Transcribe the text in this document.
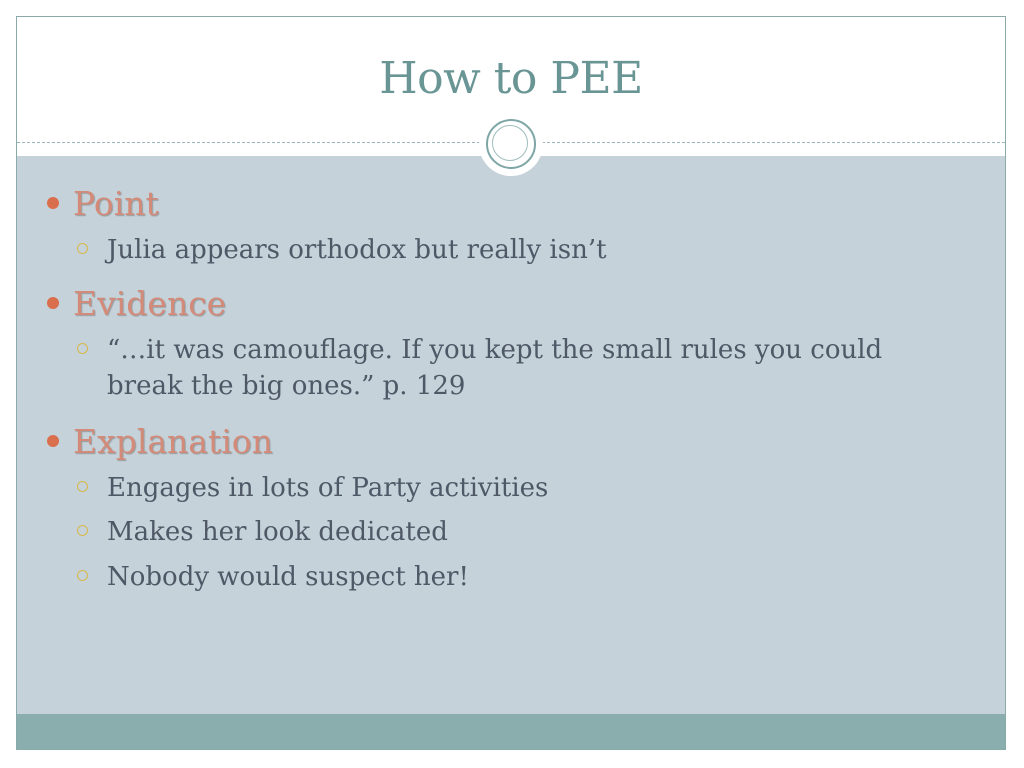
How to PEE
Point
Julia appears orthodox but really isn’t
Evidence
“…it was camouflage. If you kept the small rules you could break the big ones.” p. 129
Explanation
Engages in lots of Party activities
Makes her look dedicated
Nobody would suspect her!
